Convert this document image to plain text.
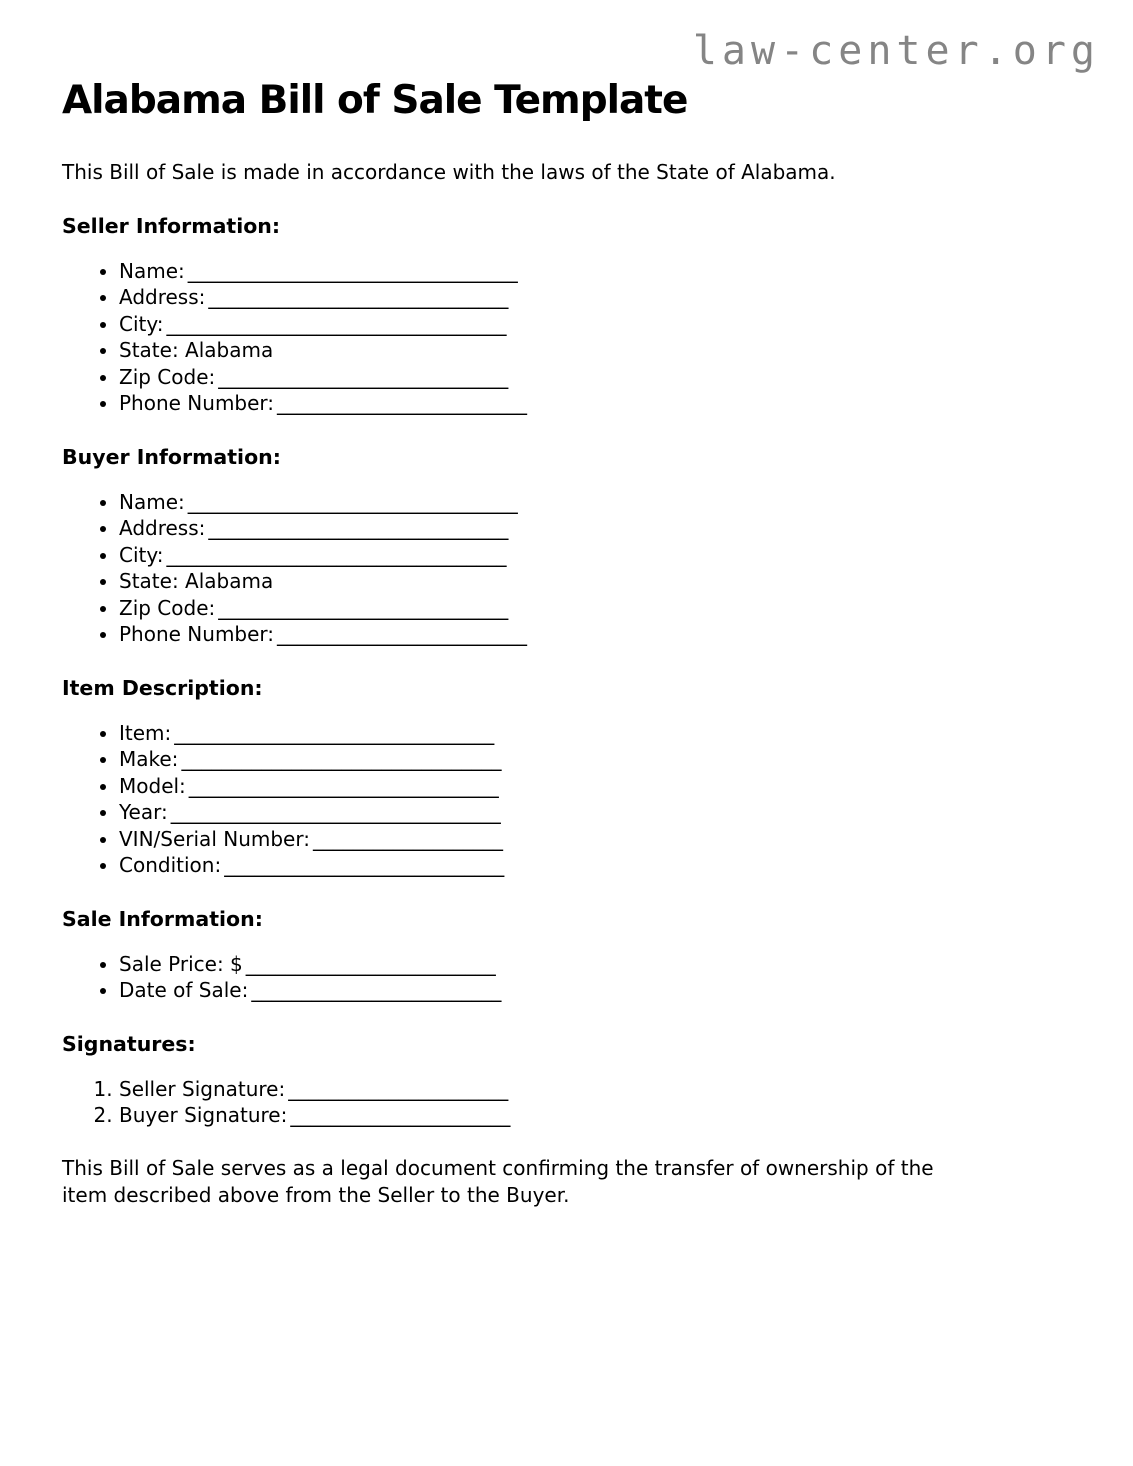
law-center.org
Alabama Bill of Sale Template

This Bill of Sale is made in accordance with the laws of the State of Alabama.

Seller Information:
• Name: _________________________________
• Address: ______________________________
• City: __________________________________
• State: Alabama
• Zip Code: _____________________________
• Phone Number: _________________________
Buyer Information:
• Name: _________________________________
• Address: ______________________________
• City: __________________________________
• State: Alabama
• Zip Code: _____________________________
• Phone Number: _________________________
Item Description:
• Item: ________________________________
• Make: ________________________________
• Model: _______________________________
• Year: _________________________________
• VIN/Serial Number: ___________________
• Condition: ____________________________
Sale Information:
• Sale Price: $ _________________________
• Date of Sale: _________________________
Signatures:
1. Seller Signature: ______________________
2. Buyer Signature: ______________________

This Bill of Sale serves as a legal document confirming the transfer of ownership of the
item described above from the Seller to the Buyer.
